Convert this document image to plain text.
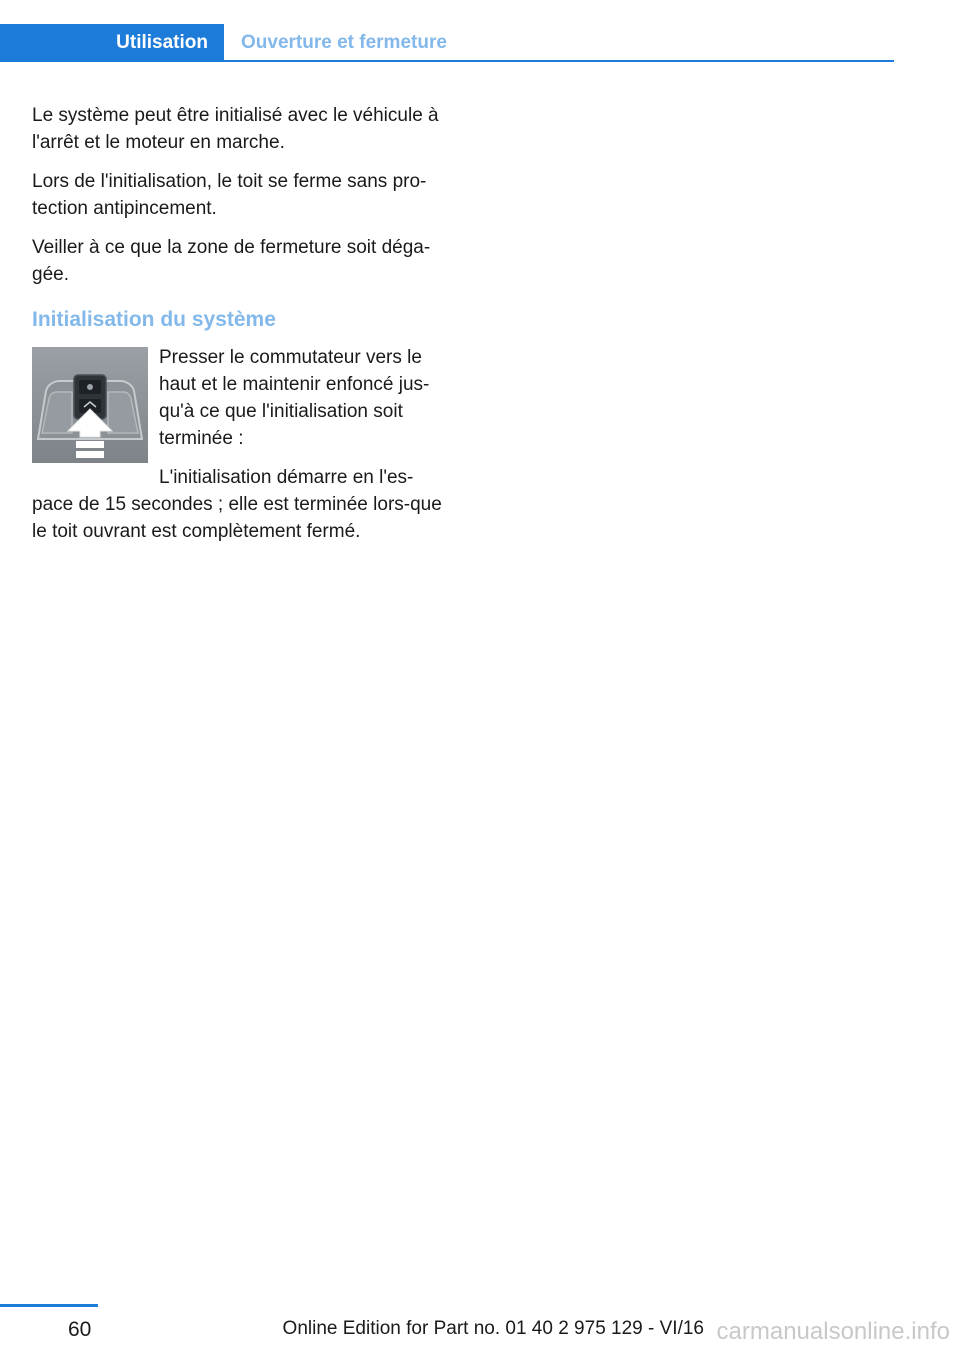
Utilisation	Ouverture et fermeture

Le système peut être initialisé avec le véhicule à l'arrêt et le moteur en marche.

Lors de l'initialisation, le toit se ferme sans pro-tection antipincement.

Veiller à ce que la zone de fermeture soit déga-gée.

Initialisation du système

Presser le commutateur vers le haut et le maintenir enfoncé jus-qu'à ce que l'initialisation soit terminée :

L'initialisation démarre en l'es-pace de 15 secondes ; elle est terminée lors-que le toit ouvrant est complètement fermé.

60	Online Edition for Part no. 01 40 2 975 129 - VI/16 carmanualsonline.info
